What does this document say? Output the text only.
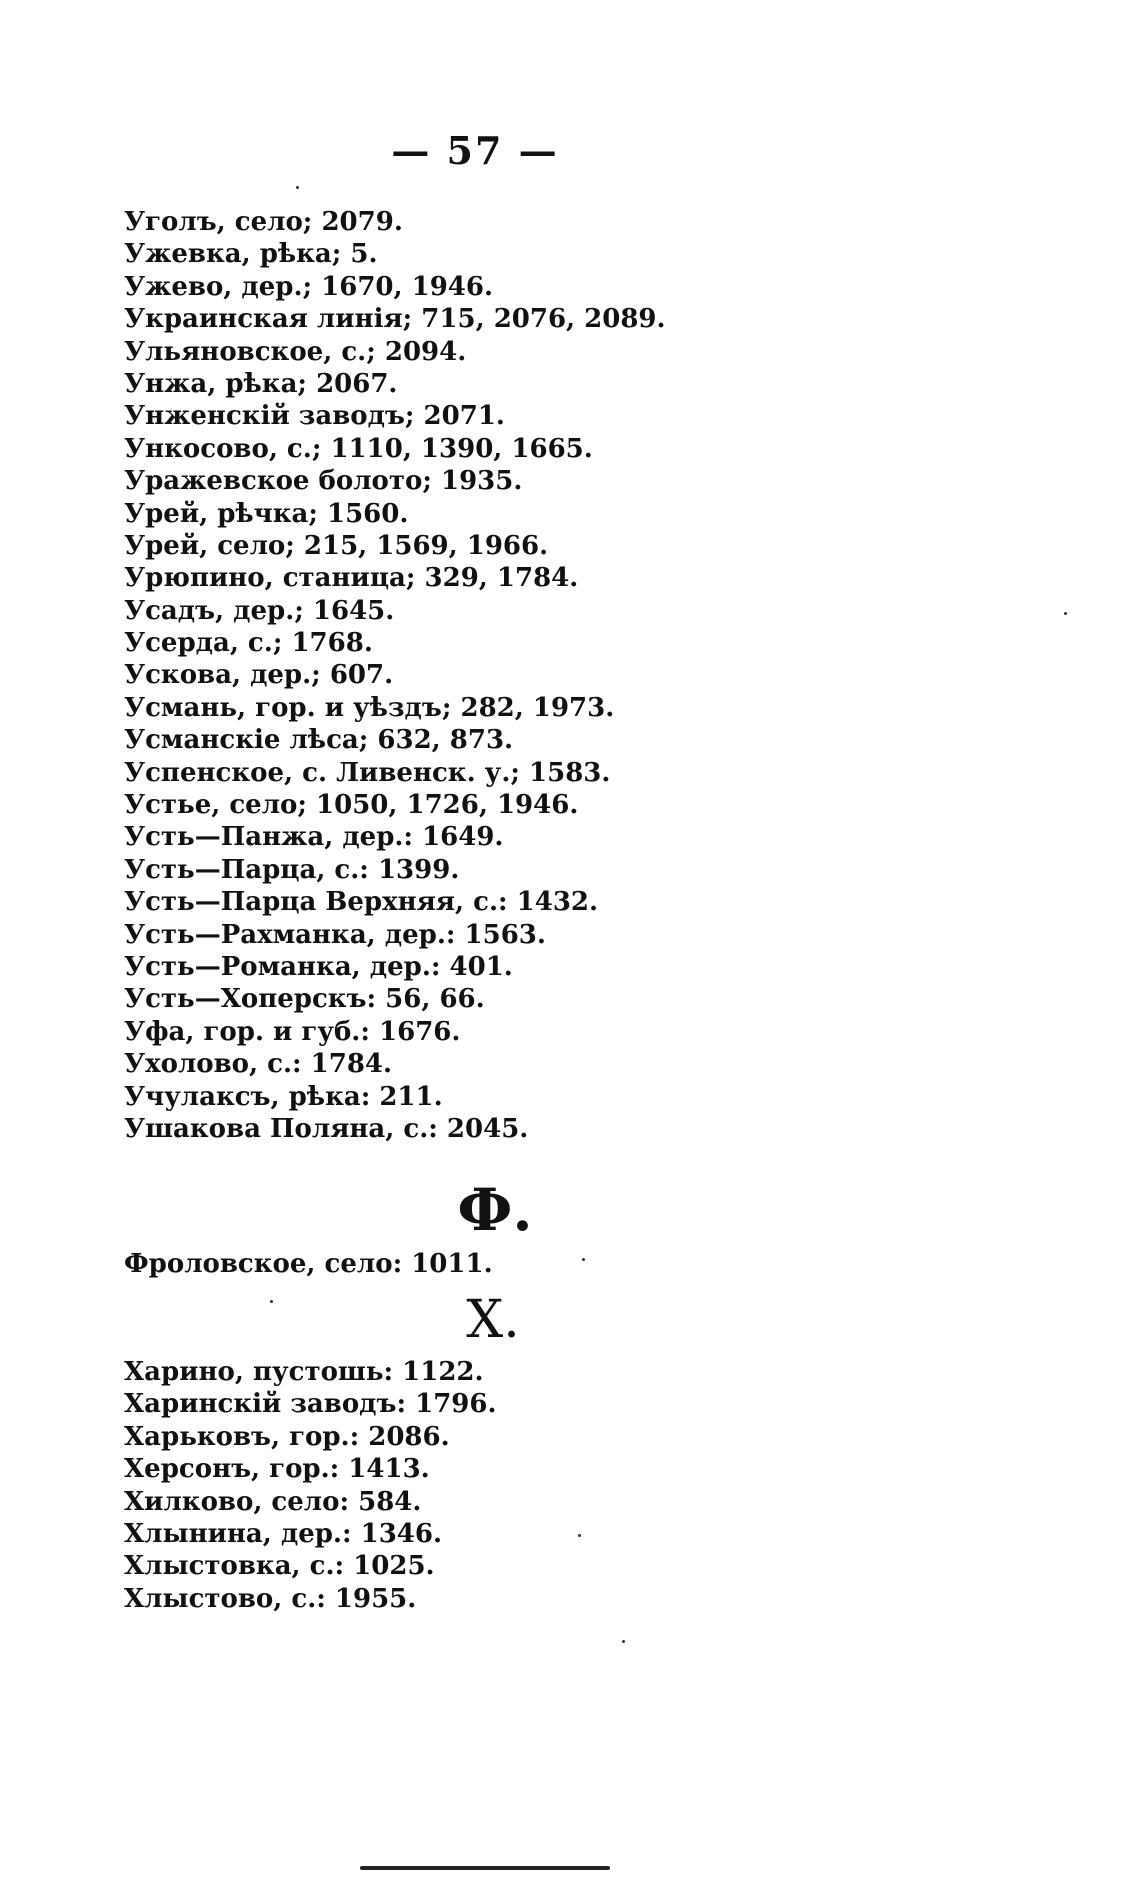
— 57 —
Уголъ, село; 2079.
Ужевка, рѣка; 5.
Ужево, дер.; 1670, 1946.
Украинская линія; 715, 2076, 2089.
Ульяновское, с.; 2094.
Унжа, рѣка; 2067.
Унженскій заводъ; 2071.
Ункосово, с.; 1110, 1390, 1665.
Уражевское болото; 1935.
Урей, рѣчка; 1560.
Урей, село; 215, 1569, 1966.
Урюпино, станица; 329, 1784.
Усадъ, дер.; 1645.
Усерда, с.; 1768.
Ускова, дер.; 607.
Усмань, гор. и уѣздъ; 282, 1973.
Усманскіе лѣса; 632, 873.
Успенское, с. Ливенск. у.; 1583.
Устье, село; 1050, 1726, 1946.
Усть—Панжа, дер.: 1649.
Усть—Парца, с.: 1399.
Усть—Парца Верхняя, с.: 1432.
Усть—Рахманка, дер.: 1563.
Усть—Романка, дер.: 401.
Усть—Хоперскъ: 56, 66.
Уфа, гор. и губ.: 1676.
Ухолово, с.: 1784.
Учулаксъ, рѣка: 211.
Ушакова Поляна, с.: 2045.
Ф.
Фроловское, село: 1011.
Х.
Харино, пустошь: 1122.
Харинскій заводъ: 1796.
Харьковъ, гор.: 2086.
Херсонъ, гор.: 1413.
Хилково, село: 584.
Хлынина, дер.: 1346.
Хлыстовка, с.: 1025.
Хлыстово, с.: 1955.
